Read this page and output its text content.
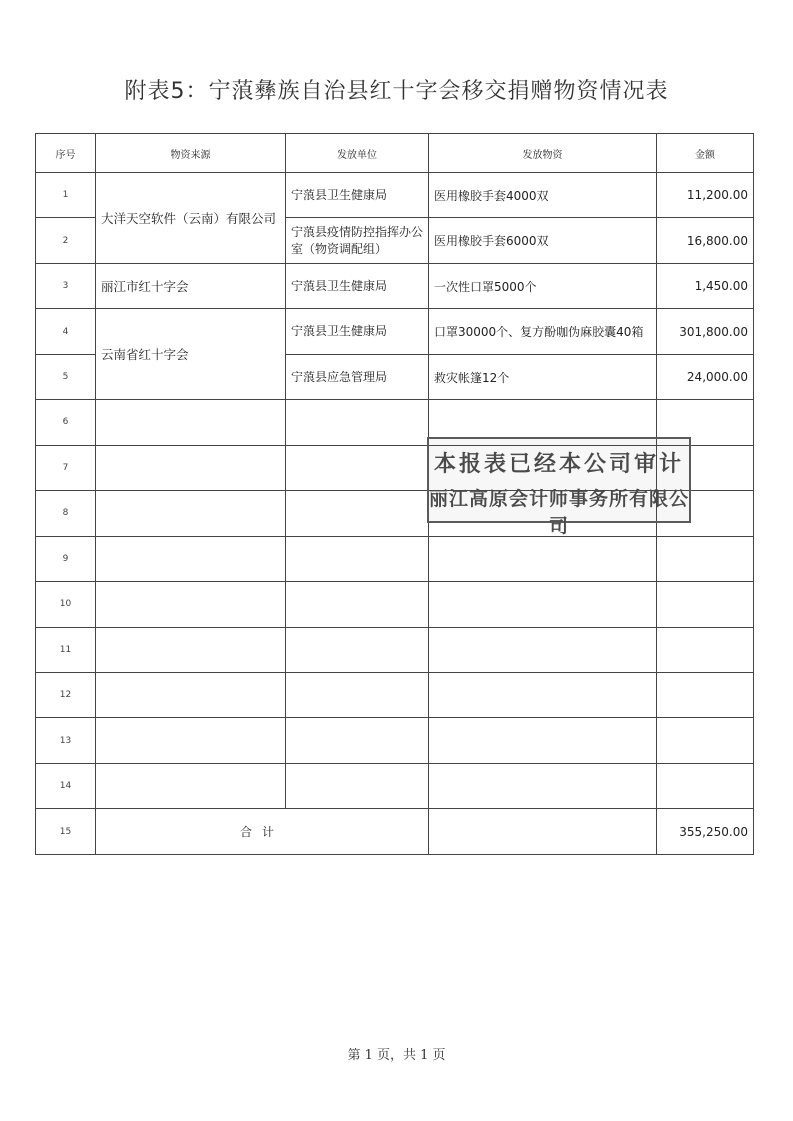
附表5：宁蒗彝族自治县红十字会移交捐赠物资情况表
序号	物资来源	发放单位	发放物资	金额
1	大洋天空软件（云南）有限公司	宁蒗县卫生健康局	医用橡胶手套4000双	11,200.00
2		宁蒗县疫情防控指挥办公室（物资调配组）	医用橡胶手套6000双	16,800.00
3	丽江市红十字会	宁蒗县卫生健康局	一次性口罩5000个	1,450.00
4	云南省红十字会	宁蒗县卫生健康局	口罩30000个、复方酚咖伪麻胶囊40箱	301,800.00
5		宁蒗县应急管理局	救灾帐篷12个	24,000.00
6				
7				
8				
9				
10				
11				
12				
13				
14				
15	合计			355,250.00
本报表已经本公司审计
丽江高原会计师事务所有限公司
第 1 页，共 1 页
